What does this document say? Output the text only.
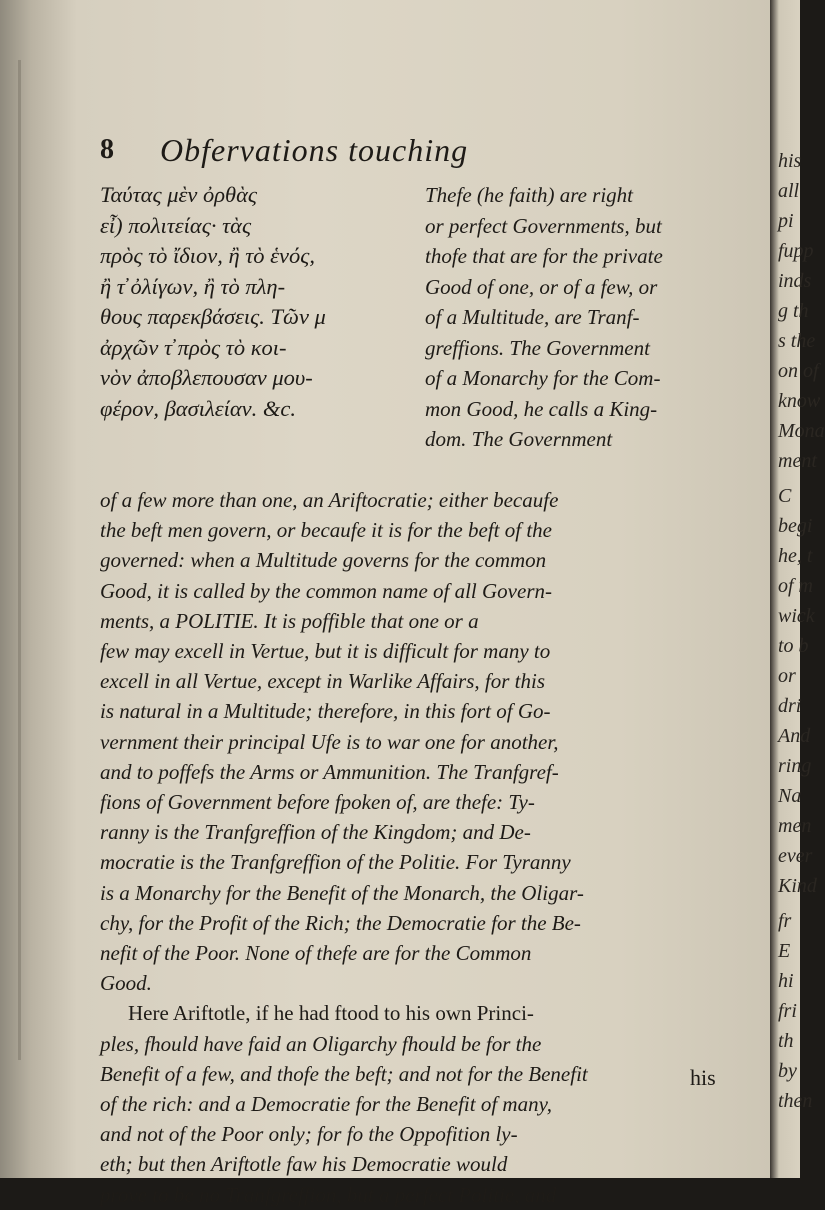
8 Obfervations touching
Ταύτας μὲν ὀρθὰς
εἶ) πολιτείας· τὰς
πρὸς τὸ ἴδιον, ἢ τὸ ἑνός,
ἢ τ̓ ὀλίγων, ἢ τὸ πλη-
θους παρεκβάσεις. Τῶν μ
ἀρχῶν τ̓ πρὸς τὸ κοι-
νὸν ἀποβλεπουσαν μου-
φέρον, βασιλείαν. &c.
Thefe (he faith) are right
or perfect Governments, but
thofe that are for the private
Good of one, or of a few, or
of a Multitude, are Tranf-
greffions. The Government
of a Monarchy for the Com-
mon Good, he calls a King-
dom. The Government
of a few more than one, an Ariftocratie; either becaufe
the beft men govern, or becaufe it is for the beft of the
governed: when a Multitude governs for the common
Good, it is called by the common name of all Govern-
ments, a POLITIE. It is poffible that one or a
few may excell in Vertue, but it is difficult for many to
excell in all Vertue, except in Warlike Affairs, for this
is natural in a Multitude; therefore, in this fort of Go-
vernment their principal Ufe is to war one for another,
and to poffefs the Arms or Ammunition. The Tranfgref-
fions of Government before fpoken of, are thefe: Ty-
ranny is the Tranfgreffion of the Kingdom; and De-
mocratie is the Tranfgreffion of the Politie. For Tyranny
is a Monarchy for the Benefit of the Monarch, the Oligar-
chy, for the Profit of the Rich; the Democratie for the Be-
nefit of the Poor. None of thefe are for the Common
Good.
Here Ariftotle, if he had ftood to his own Princi-
ples, fhould have faid an Oligarchy fhould be for the
Benefit of a few, and thofe the beft; and not for the Benefit
of the rich: and a Democratie for the Benefit of many,
and not of the Poor only; for fo the Oppofition ly-
eth; but then Ariftotle faw his Democratie would
prove to be no Tranfgreffion, but a perfect Politie, and
his
his
all
pi
fupp
inds
g th
s the
on of
know
Mona
ment
C
begi
he, t
of m
wick
to b
or
dri
And
ring
Na
men
ever
Kind
fr
E
hi
fri
th
by
then
